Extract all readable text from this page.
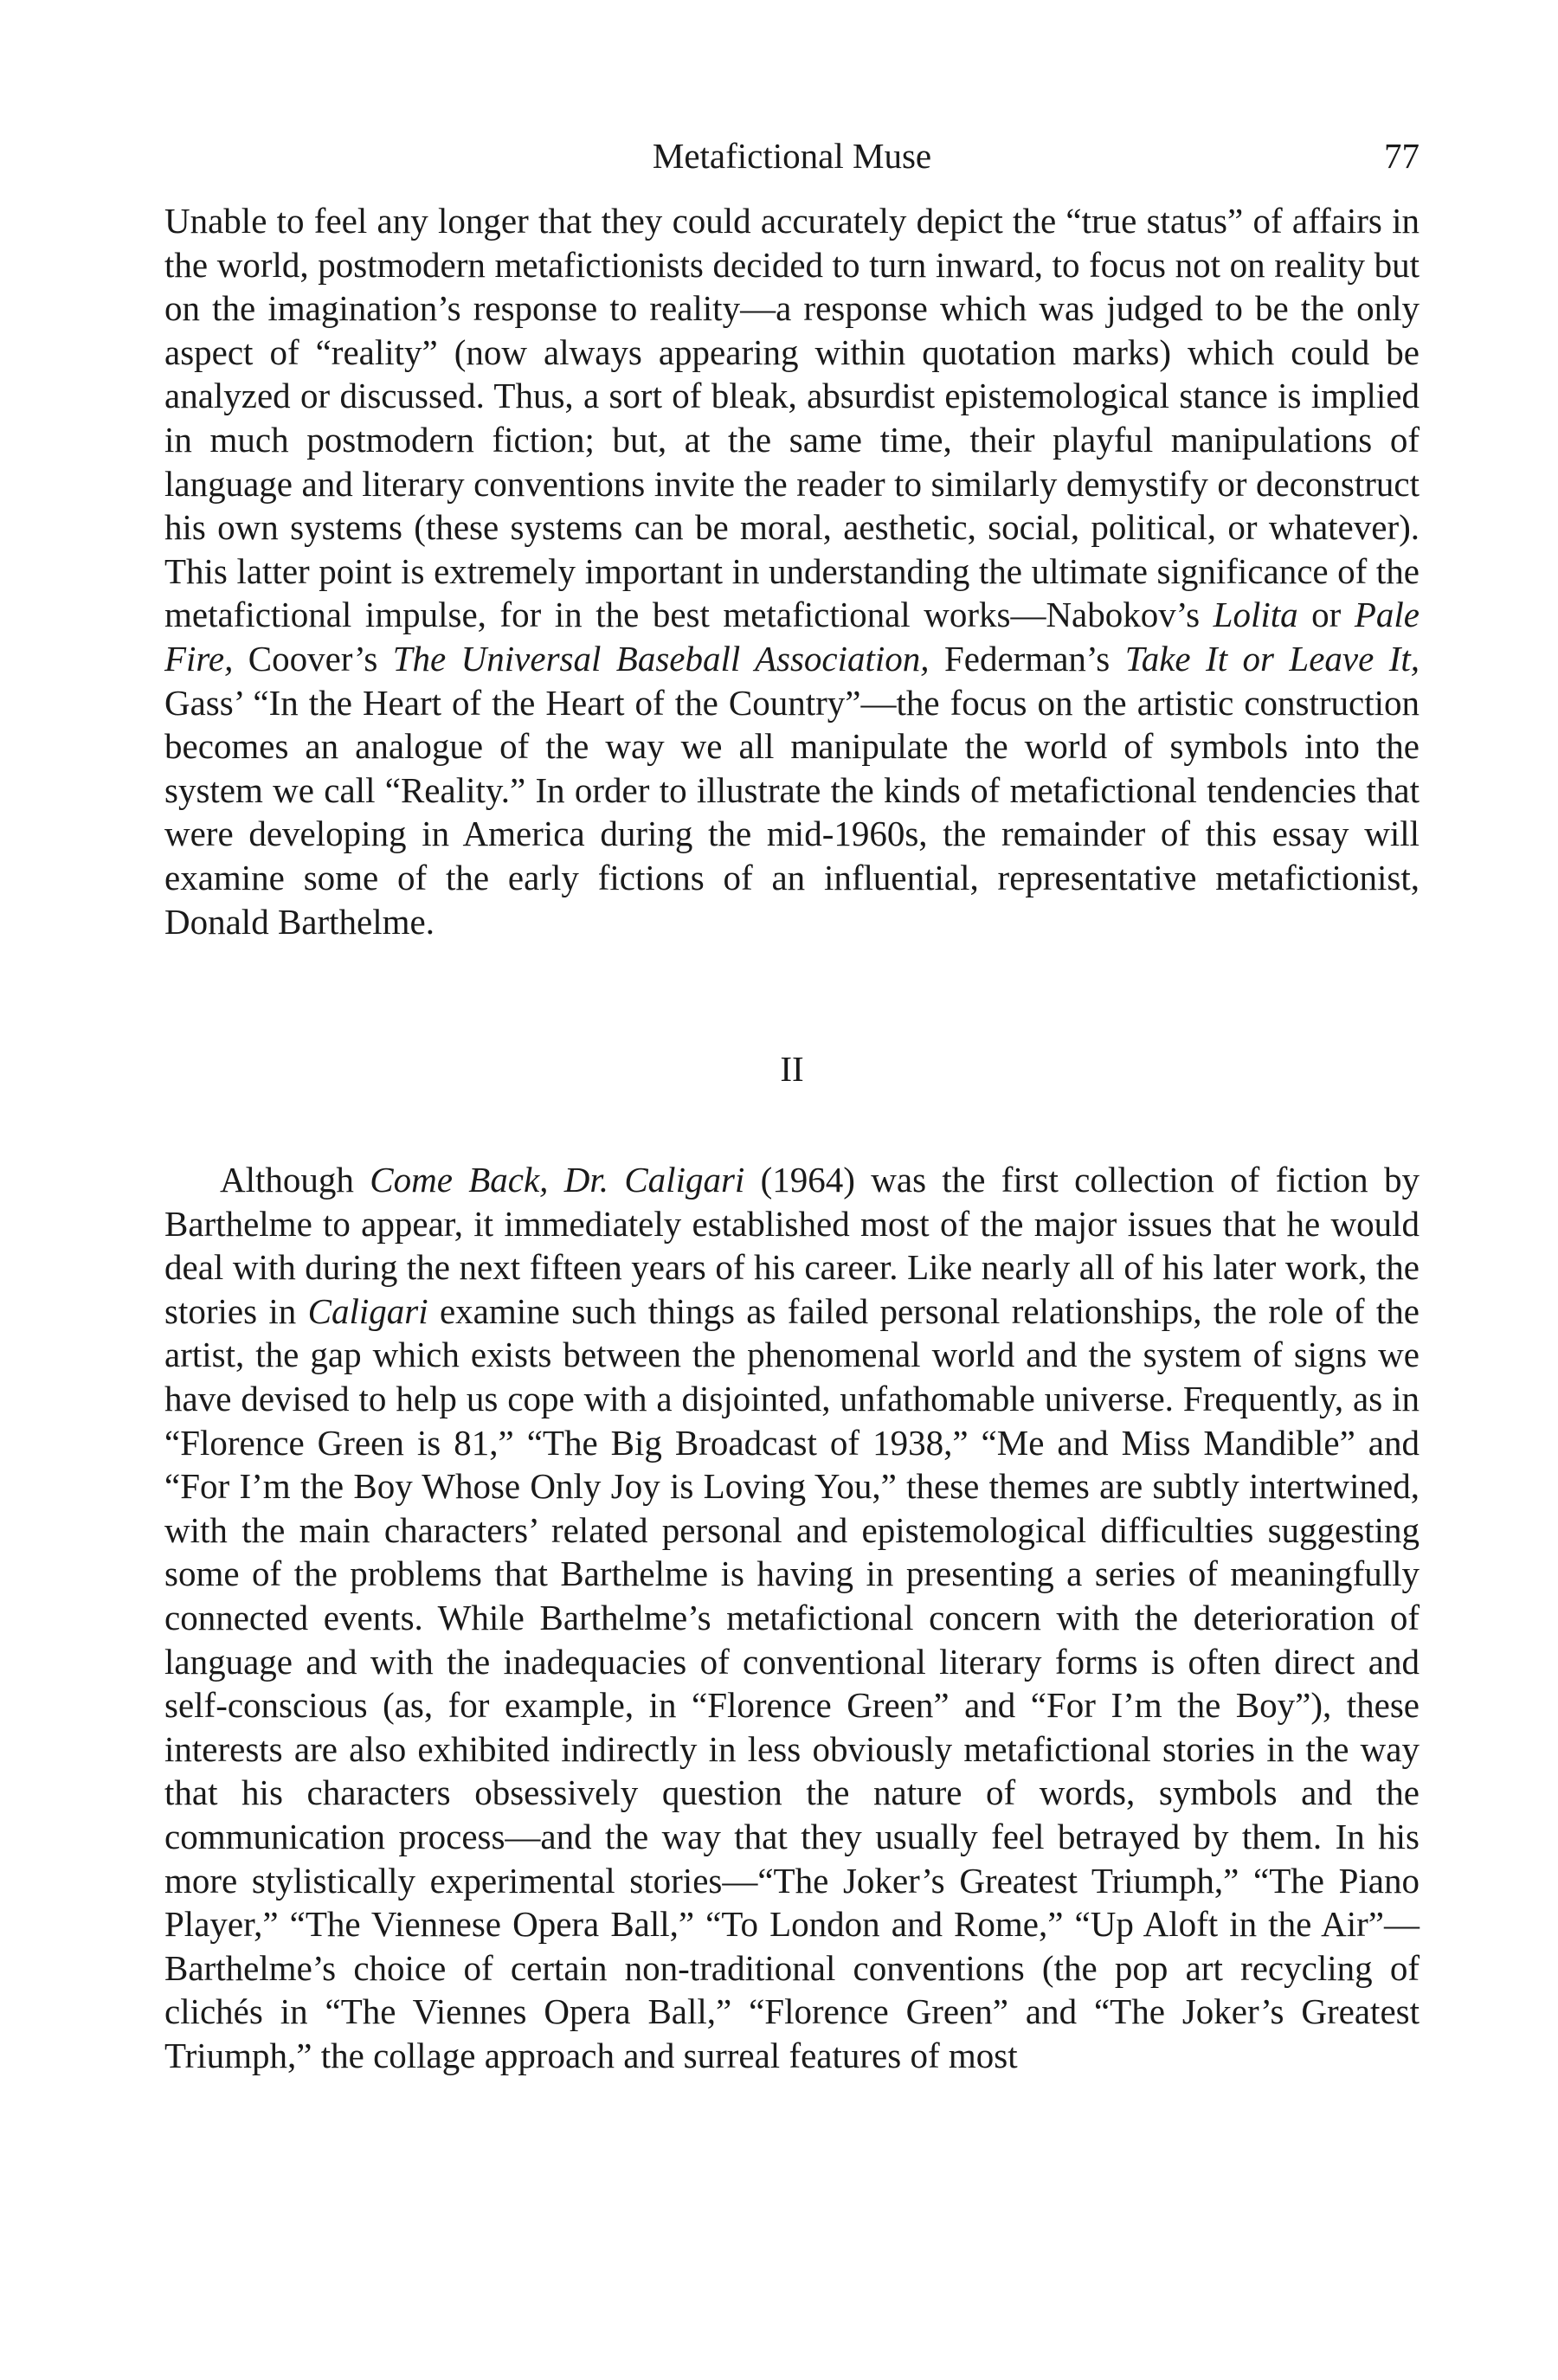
Metafictional Muse	77

Unable to feel any longer that they could accurately depict the “true status” of affairs in the world, postmodern metafictionists decided to turn inward, to focus not on reality but on the imagination’s response to reality—a response which was judged to be the only aspect of “reality” (now always appearing within quotation marks) which could be analyzed or discussed. Thus, a sort of bleak, absurdist epistemological stance is implied in much postmodern fiction; but, at the same time, their playful manipulations of language and literary conventions invite the reader to similarly demystify or deconstruct his own systems (these systems can be moral, aesthetic, social, political, or whatever). This latter point is extremely important in understanding the ultimate significance of the metafictional impulse, for in the best metafictional works—Nabokov’s Lolita or Pale Fire, Coover’s The Universal Baseball Association, Federman’s Take It or Leave It, Gass’ “In the Heart of the Heart of the Country”—the focus on the artistic construction becomes an analogue of the way we all manipulate the world of symbols into the system we call “Reality.” In order to illustrate the kinds of metafictional tendencies that were developing in America during the mid-1960s, the remainder of this essay will examine some of the early fictions of an influential, representative metafictionist, Donald Barthelme.

II

Although Come Back, Dr. Caligari (1964) was the first collection of fiction by Barthelme to appear, it immediately established most of the major issues that he would deal with during the next fifteen years of his career. Like nearly all of his later work, the stories in Caligari examine such things as failed personal relationships, the role of the artist, the gap which exists between the phenomenal world and the system of signs we have devised to help us cope with a disjointed, unfathomable universe. Frequently, as in “Florence Green is 81,” “The Big Broadcast of 1938,” “Me and Miss Mandible” and “For I’m the Boy Whose Only Joy is Loving You,” these themes are subtly intertwined, with the main characters’ related personal and epistemological difficulties suggesting some of the problems that Barthelme is having in presenting a series of meaningfully connected events. While Barthelme’s metafictional concern with the deterioration of language and with the inadequacies of conventional literary forms is often direct and self-conscious (as, for example, in “Florence Green” and “For I’m the Boy”), these interests are also exhibited indirectly in less obviously metafictional stories in the way that his characters obsessively question the nature of words, symbols and the communication process—and the way that they usually feel betrayed by them. In his more stylistically experimental stories—“The Joker’s Greatest Triumph,” “The Piano Player,” “The Viennese Opera Ball,” “To London and Rome,” “Up Aloft in the Air”—Barthelme’s choice of certain non-traditional conventions (the pop art recycling of clichés in “The Viennes Opera Ball,” “Florence Green” and “The Joker’s Greatest Triumph,” the collage approach and surreal features of most
